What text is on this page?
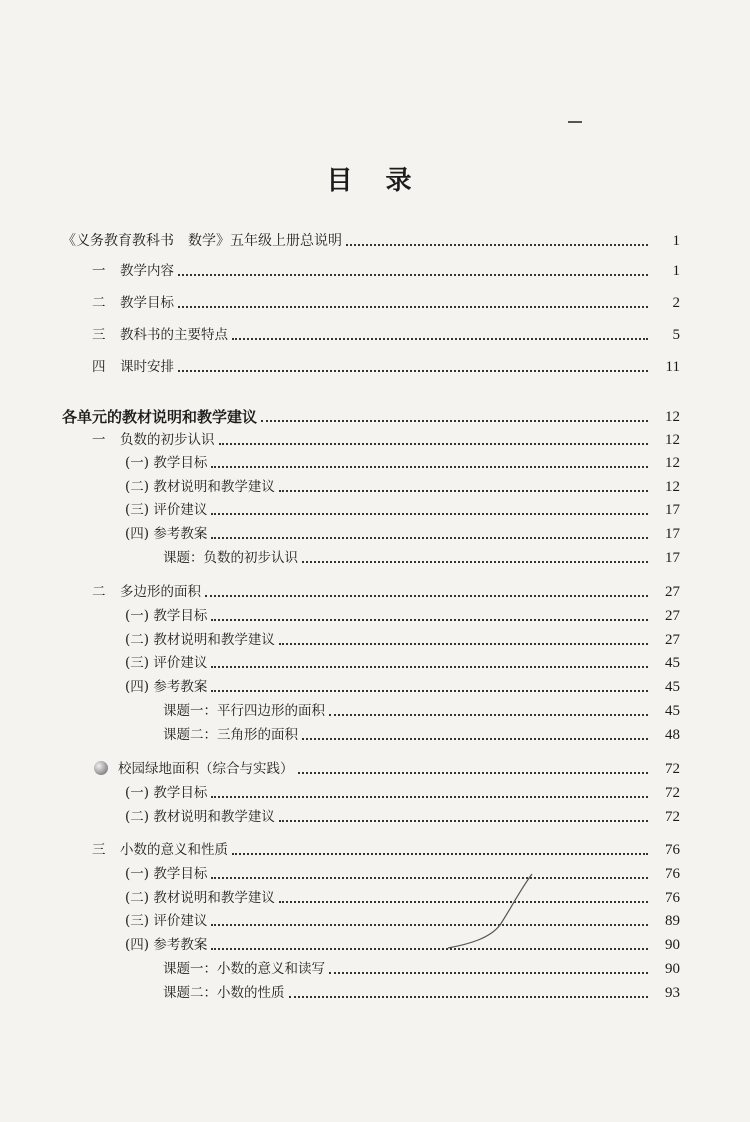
目 录
《义务教育教科书　数学》五年级上册总说明	1
一 教学内容	1
二 教学目标	2
三 教科书的主要特点	5
四 课时安排	11
各单元的教材说明和教学建议	12
一 负数的初步认识	12
(一) 教学目标	12
(二) 教材说明和教学建议	12
(三) 评价建议	17
(四) 参考教案	17
课题：负数的初步认识	17
二 多边形的面积	27
(一) 教学目标	27
(二) 教材说明和教学建议	27
(三) 评价建议	45
(四) 参考教案	45
课题一：平行四边形的面积	45
课题二：三角形的面积	48
校园绿地面积（综合与实践）	72
(一) 教学目标	72
(二) 教材说明和教学建议	72
三 小数的意义和性质	76
(一) 教学目标	76
(二) 教材说明和教学建议	76
(三) 评价建议	89
(四) 参考教案	90
课题一：小数的意义和读写	90
课题二：小数的性质	93
